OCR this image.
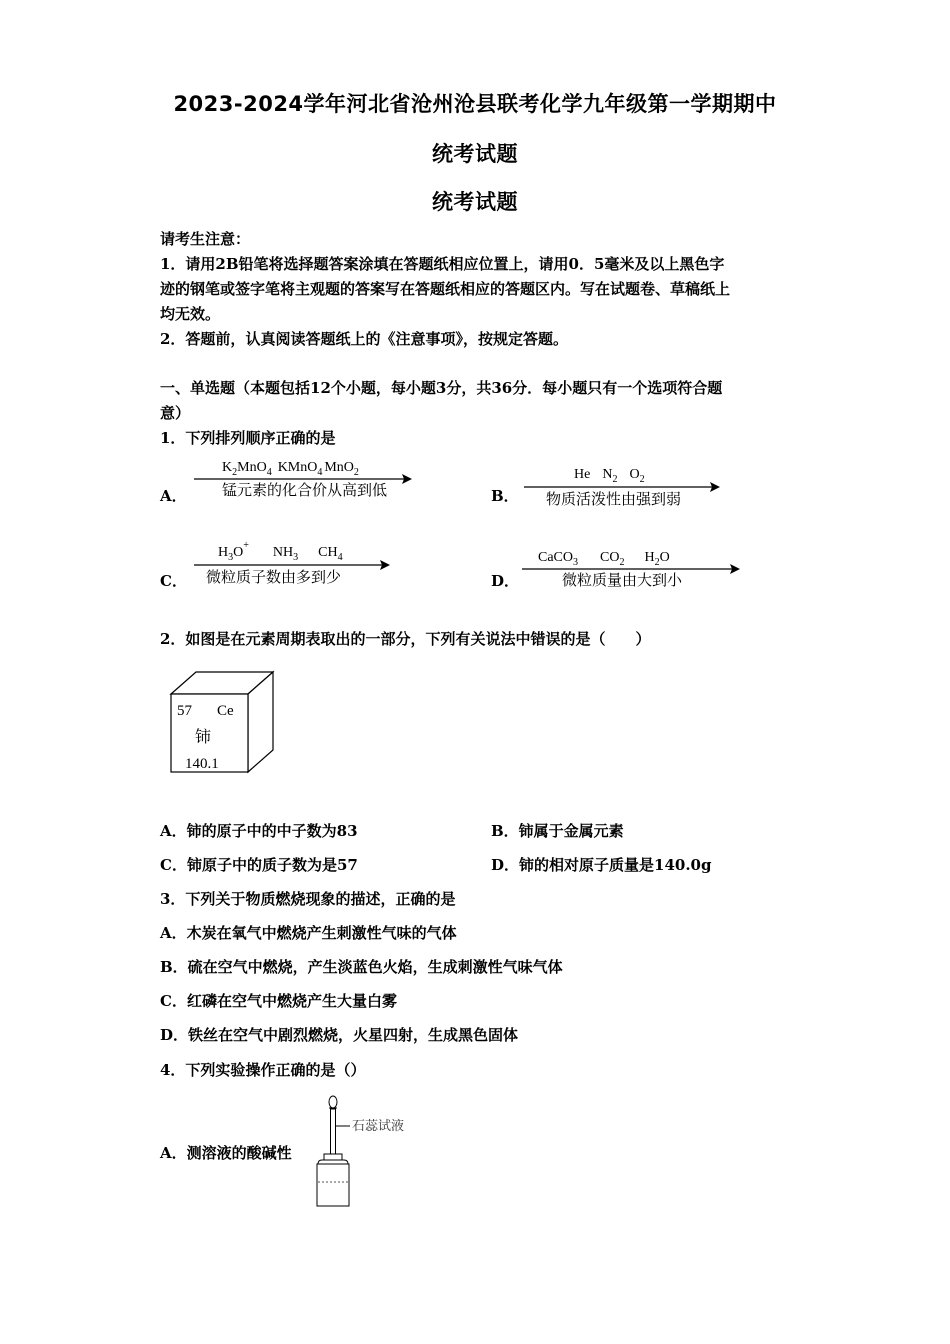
2023-2024学年河北省沧州沧县联考化学九年级第一学期期中
统考试题
统考试题
请考生注意：
1．请用2B铅笔将选择题答案涂填在答题纸相应位置上，请用0．5毫米及以上黑色字
迹的钢笔或签字笔将主观题的答案写在答题纸相应的答题区内。写在试题卷、草稿纸上
均无效。
2．答题前，认真阅读答题纸上的《注意事项》，按规定答题。
一、单选题（本题包括12个小题，每小题3分，共36分．每小题只有一个选项符合题
意）
1．下列排列顺序正确的是
A．
$K_2MnO_4$ KMnO$_4$ MnO$_2$
锰元素的化合价从高到低	B．
He $N_2$ $O_2$
物质活泼性由强到弱
C．
$H_3O^+$ $NH_3$ $CH_4$
微粒质子数由多到少	D．
CaCO$_3$ $CO_2$ $H_2O$
微粒质量由大到小
2．如图是在元素周期表取出的一部分，下列有关说法中错误的是（　　）
57 Ce
铈
140.1
A．铈的原子中的中子数为83	B．铈属于金属元素
C．铈原子中的质子数为是57	D．铈的相对原子质量是140.0g
3．下列关于物质燃烧现象的描述，正确的是
A．木炭在氧气中燃烧产生刺激性气味的气体
B．硫在空气中燃烧，产生淡蓝色火焰，生成刺激性气味气体
C．红磷在空气中燃烧产生大量白雾
D．铁丝在空气中剧烈燃烧，火星四射，生成黑色固体
4．下列实验操作正确的是（）
A．测溶液的酸碱性
石蕊试液
